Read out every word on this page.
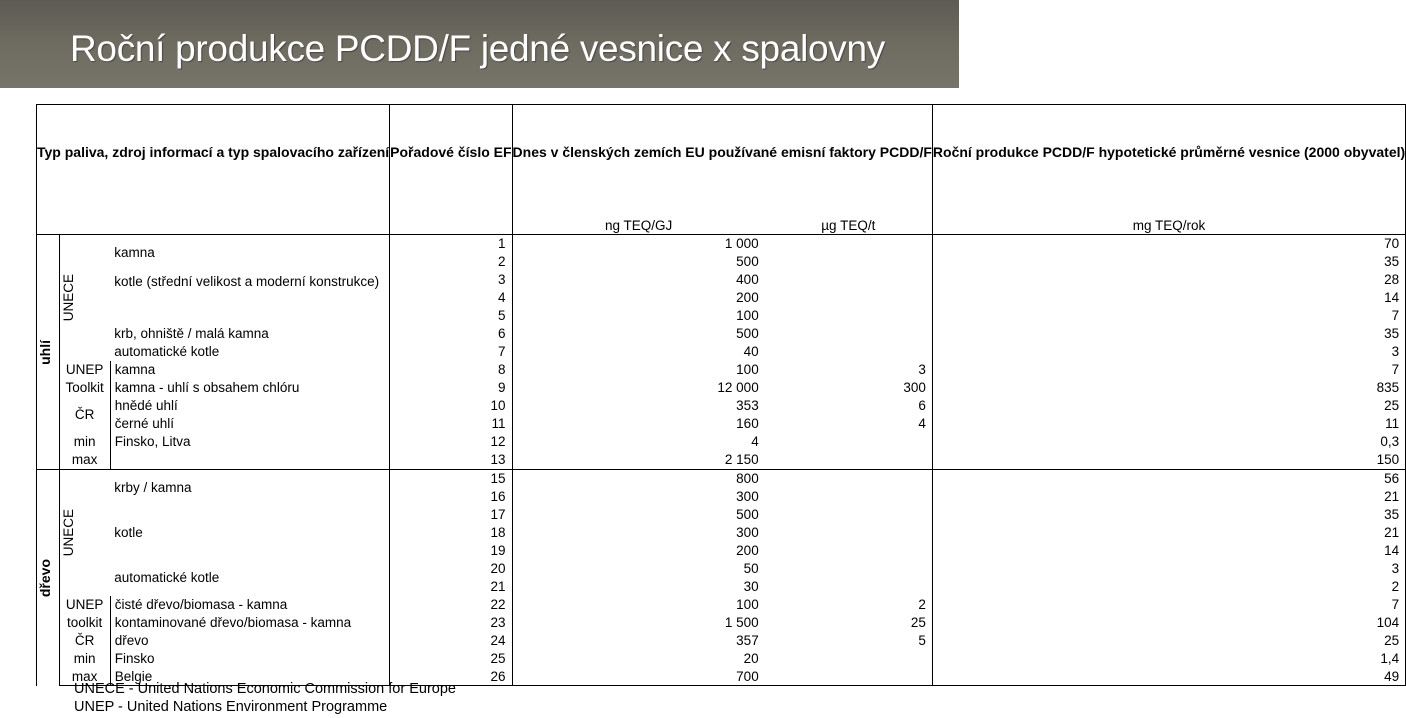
Roční produkce PCDD/F jedné vesnice x spalovny
Typ paliva, zdroj informací a typ spalovacího zařízení			Pořadové číslo EF	Dnes v členských zemích EU používané emisní faktory PCDD/F		Roční produkce PCDD/F hypotetické průměrné vesnice (2000 obyvatel)

				ng TEQ/GJ	µg TEQ/t	mg TEQ/rok

uhlí	UNECE	kamna	1	1 000		70
			2	500		35
		kotle (střední velikost a moderní konstrukce)	3	400		28
			4	200		14
			5	100		7
		krb, ohniště / malá kamna	6	500		35
		automatické kotle	7	40		3
	UNEP	kamna	8	100	3	7
	Toolkit	kamna - uhlí s obsahem chlóru	9	12 000	300	835
	ČR	hnědé uhlí	10	353	6	25
		černé uhlí	11	160	4	11
	min	Finsko, Litva	12	4		0,3
	max		13	2 150		150

dřevo	UNECE	krby / kamna	15	800		56
			16	300		21
		kotle	17	500		35
			18	300		21
			19	200		14
		automatické kotle	20	50		3
			21	30		2
	UNEP	čisté dřevo/biomasa - kamna	22	100	2	7
	toolkit	kontaminované dřevo/biomasa - kamna	23	1 500	25	104
	ČR	dřevo	24	357	5	25
	min	Finsko	25	20		1,4
	max	Belgie	26	700		49
UNECE - United Nations Economic Commission for Europe
UNEP - United Nations Environment Programme
